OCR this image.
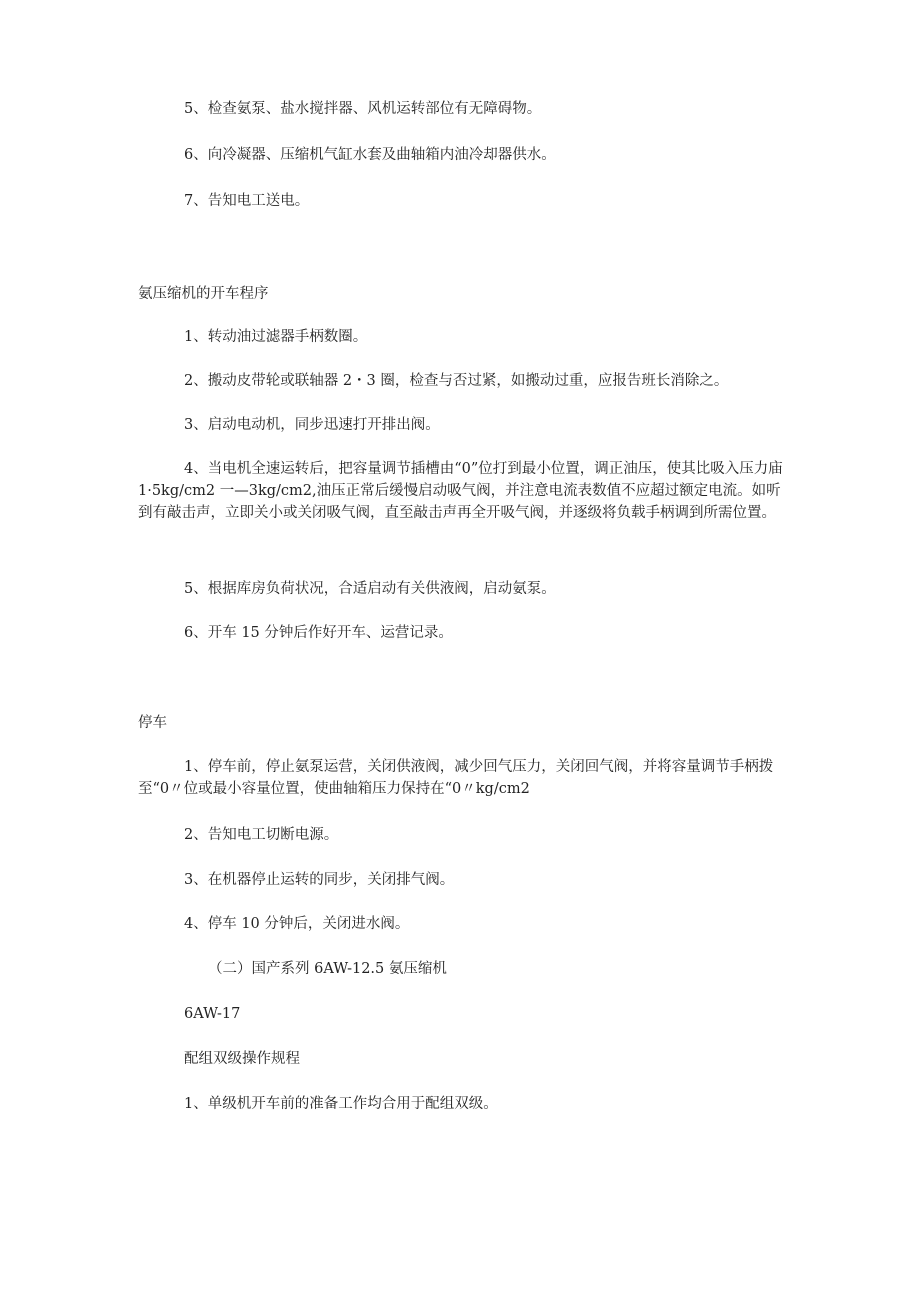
5、检查氨泵、盐水搅拌器、风机运转部位有无障碍物。

6、向冷凝器、压缩机气缸水套及曲轴箱内油冷却器供水。

7、告知电工送电。

氨压缩机的开车程序

1、转动油过滤器手柄数圈。

2、搬动皮带轮或联轴器 2・3 圈，检查与否过紧，如搬动过重，应报告班长消除之。

3、启动电动机，同步迅速打开排出阀。

4、当电机全速运转后，把容量调节插槽由“0”位打到最小位置，调正油压，使其比吸入压力庙 1·5kg/cm2 一—3kg/cm2,油压正常后缓慢启动吸气阀，并注意电流表数值不应超过额定电流。如听到有敲击声，立即关小或关闭吸气阀，直至敲击声再全开吸气阀，并逐级将负载手柄调到所需位置。

5、根据库房负荷状况，合适启动有关供液阀，启动氨泵。

6、开车 15 分钟后作好开车、运营记录。

停车

1、停车前，停止氨泵运营，关闭供液阀，减少回气压力，关闭回气阀，并将容量调节手柄拨至“0〃位或最小容量位置，使曲轴箱压力保持在“0〃kg/cm2

2、告知电工切断电源。

3、在机器停止运转的同步，关闭排气阀。

4、停车 10 分钟后，关闭进水阀。

（二）国产系列 6AW-12.5 氨压缩机

6AW-17

配组双级操作规程

1、单级机开车前的准备工作均合用于配组双级。
